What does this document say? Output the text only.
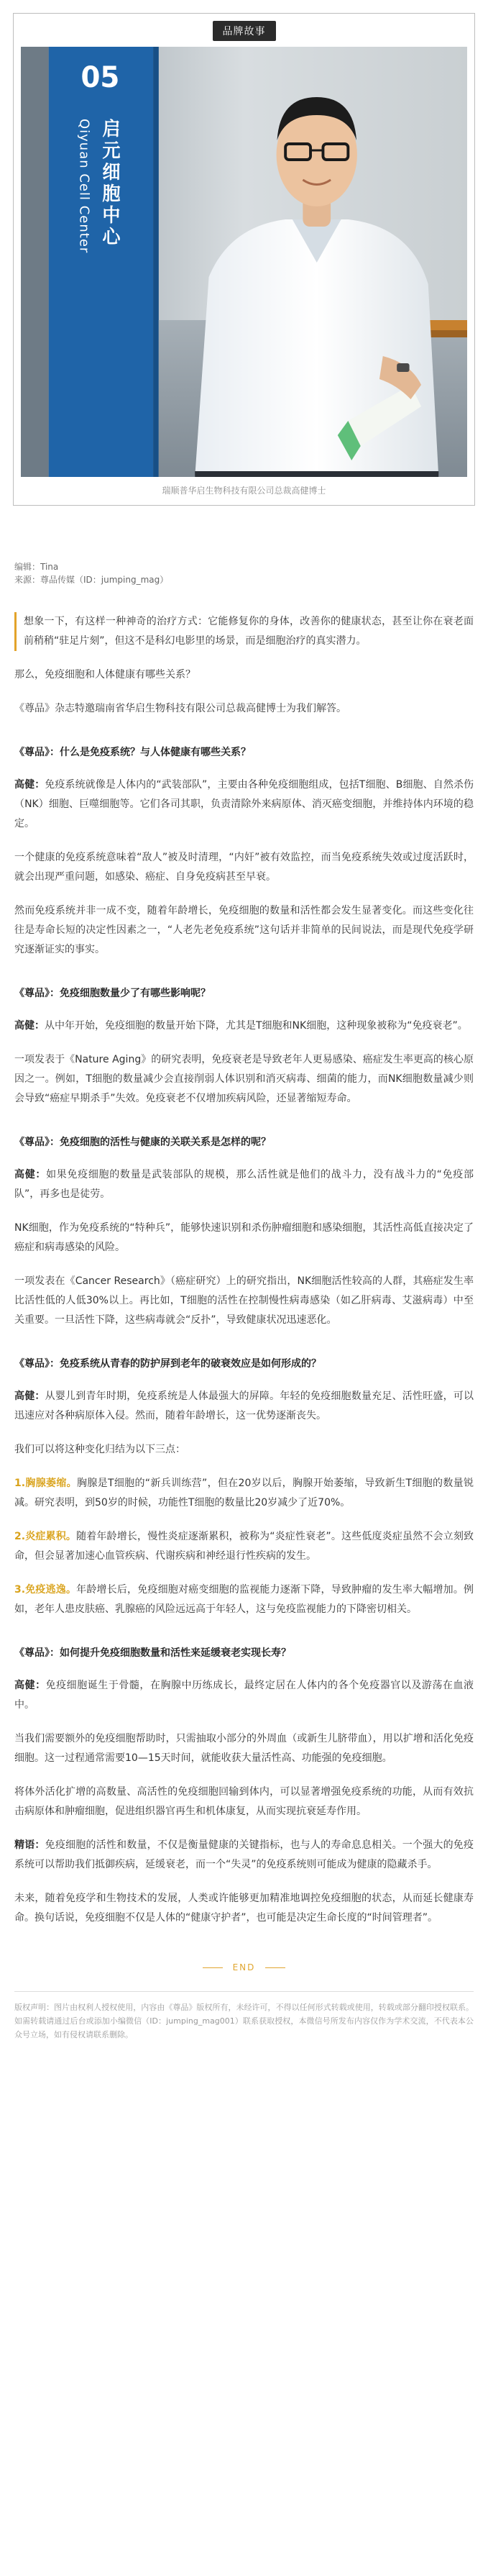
品牌故事
05
启元细胞中心
Qiyuan Cell Center
瑞顺普华启生物科技有限公司总裁高健博士
编辑：Tina
来源：尊品传媒（ID：jumping_mag）
想象一下，有这样一种神奇的治疗方式：它能修复你的身体，改善你的健康状态，甚至让你在衰老面前稍稍“驻足片刻”，但这不是科幻电影里的场景，而是细胞治疗的真实潜力。

那么，免疫细胞和人体健康有哪些关系？

《尊品》杂志特邀瑞南省华启生物科技有限公司总裁高健博士为我们解答。

《尊品》：什么是免疫系统？与人体健康有哪些关系？

高健：免疫系统就像是人体内的“武装部队”，主要由各种免疫细胞组成，包括T细胞、B细胞、自然杀伤（NK）细胞、巨噬细胞等。它们各司其职，负责清除外来病原体、消灭癌变细胞，并维持体内环境的稳定。

一个健康的免疫系统意味着“敌人”被及时清理，“内奸”被有效监控，而当免疫系统失效或过度活跃时，就会出现严重问题，如感染、癌症、自身免疫病甚至早衰。

然而免疫系统并非一成不变，随着年龄增长，免疫细胞的数量和活性都会发生显著变化。而这些变化往往是寿命长短的决定性因素之一，“人老先老免疫系统”这句话并非简单的民间说法，而是现代免疫学研究逐渐证实的事实。

《尊品》：免疫细胞数量少了有哪些影响呢？

高健：从中年开始，免疫细胞的数量开始下降，尤其是T细胞和NK细胞，这种现象被称为“免疫衰老”。

一项发表于《Nature Aging》的研究表明，免疫衰老是导致老年人更易感染、癌症发生率更高的核心原因之一。例如，T细胞的数量减少会直接削弱人体识别和消灭病毒、细菌的能力，而NK细胞数量减少则会导致“癌症早期杀手”失效。免疫衰老不仅增加疾病风险，还显著缩短寿命。

《尊品》：免疫细胞的活性与健康的关联关系是怎样的呢？

高健：如果免疫细胞的数量是武装部队的规模，那么活性就是他们的战斗力，没有战斗力的“免疫部队”，再多也是徒劳。

NK细胞，作为免疫系统的“特种兵”，能够快速识别和杀伤肿瘤细胞和感染细胞，其活性高低直接决定了癌症和病毒感染的风险。

一项发表在《Cancer Research》（癌症研究）上的研究指出，NK细胞活性较高的人群，其癌症发生率比活性低的人低30%以上。再比如，T细胞的活性在控制慢性病毒感染（如乙肝病毒、艾滋病毒）中至关重要。一旦活性下降，这些病毒就会“反扑”，导致健康状况迅速恶化。

《尊品》：免疫系统从青春的防护屏到老年的破衰效应是如何形成的？

高健：从婴儿到青年时期，免疫系统是人体最强大的屏障。年轻的免疫细胞数量充足、活性旺盛，可以迅速应对各种病原体入侵。然而，随着年龄增长，这一优势逐渐丧失。

我们可以将这种变化归结为以下三点：

1.胸腺萎缩。胸腺是T细胞的“新兵训练营”，但在20岁以后，胸腺开始萎缩，导致新生T细胞的数量锐减。研究表明，到50岁的时候，功能性T细胞的数量比20岁减少了近70%。

2.炎症累积。随着年龄增长，慢性炎症逐渐累积，被称为“炎症性衰老”。这些低度炎症虽然不会立刻致命，但会显著加速心血管疾病、代谢疾病和神经退行性疾病的发生。

3.免疫逃逸。年龄增长后，免疫细胞对癌变细胞的监视能力逐渐下降，导致肿瘤的发生率大幅增加。例如，老年人患皮肤癌、乳腺癌的风险远远高于年轻人，这与免疫监视能力的下降密切相关。

《尊品》：如何提升免疫细胞数量和活性来延缓衰老实现长寿？

高健：免疫细胞诞生于骨髓，在胸腺中历练成长，最终定居在人体内的各个免疫器官以及游荡在血液中。

当我们需要额外的免疫细胞帮助时，只需抽取小部分的外周血（或新生儿脐带血），用以扩增和活化免疫细胞。这一过程通常需要10—15天时间，就能收获大量活性高、功能强的免疫细胞。

将体外活化扩增的高数量、高活性的免疫细胞回输到体内，可以显著增强免疫系统的功能，从而有效抗击病原体和肿瘤细胞，促进组织器官再生和机体康复，从而实现抗衰延寿作用。

精语：免疫细胞的活性和数量，不仅是衡量健康的关键指标，也与人的寿命息息相关。一个强大的免疫系统可以帮助我们抵御疾病，延缓衰老，而一个“失灵”的免疫系统则可能成为健康的隐藏杀手。

未来，随着免疫学和生物技术的发展，人类或许能够更加精准地调控免疫细胞的状态，从而延长健康寿命。换句话说，免疫细胞不仅是人体的“健康守护者”，也可能是决定生命长度的“时间管理者”。

END
版权声明：图片由权利人授权使用，内容由《尊品》版权所有，未经许可，不得以任何形式转载或使用，转载或部分翻印授权联系。如需转载请通过后台或添加小编微信（ID：jumping_mag001）联系获取授权，本微信号所发布内容仅作为学术交流，不代表本公众号立场，如有侵权请联系删除。
